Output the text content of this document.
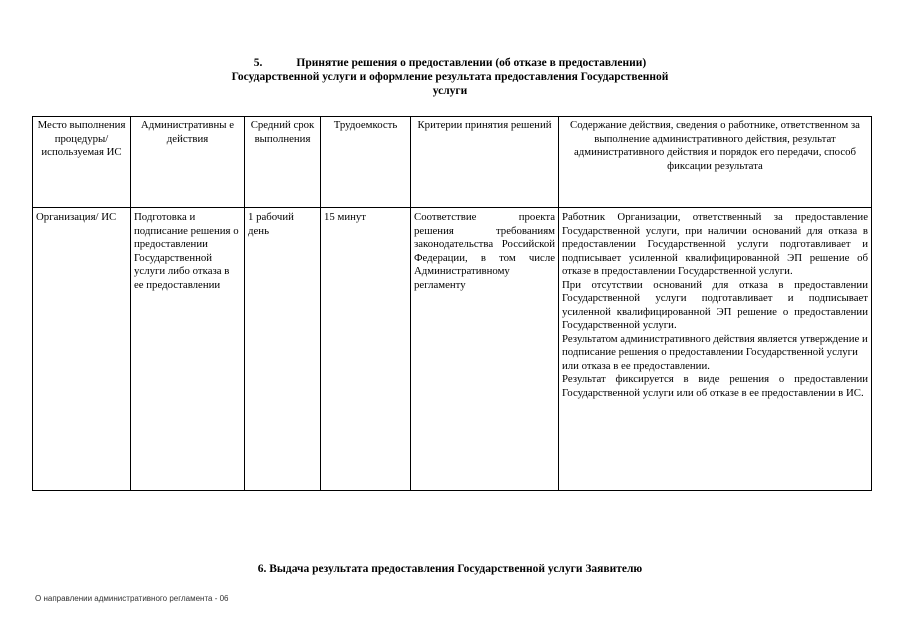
5.	Принятие решения о предоставлении (об отказе в предоставлении)
Государственной услуги и оформление результата предоставления Государственной
услуги
Место выполнения процедуры/ используемая ИС	Административны е действия	Средний срок выполнения	Трудоемкость	Критерии принятия решений	Содержание действия, сведения о работнике, ответственном за выполнение административного действия, результат административного действия и порядок его передачи, способ фиксации результата
Организация/ ИС	Подготовка и подписание решения о предоставлении Государственной услуги либо отказа в ее предоставлении	1 рабочий день	15 минут	Соответствие проекта решения требованиям законодательства Российской Федерации, в том числе Административному регламенту	Работник Организации, ответственный за предоставление Государственной услуги, при наличии оснований для отказа в предоставлении Государственной услуги подготавливает и подписывает усиленной квалифицированной ЭП решение об отказе в предоставлении Государственной услуги.

При отсутствии оснований для отказа в предоставлении Государственной услуги подготавливает и подписывает усиленной квалифицированной ЭП решение о предоставлении Государственной услуги.

Результатом административного действия является утверждение и подписание решения о предоставлении Государственной услуги или отказа в ее предоставлении.

Результат фиксируется в виде решения о предоставлении Государственной услуги или об отказе в ее предоставлении в ИС.

6. Выдача результата предоставления Государственной услуги Заявителю
О направлении административного регламента - 06
